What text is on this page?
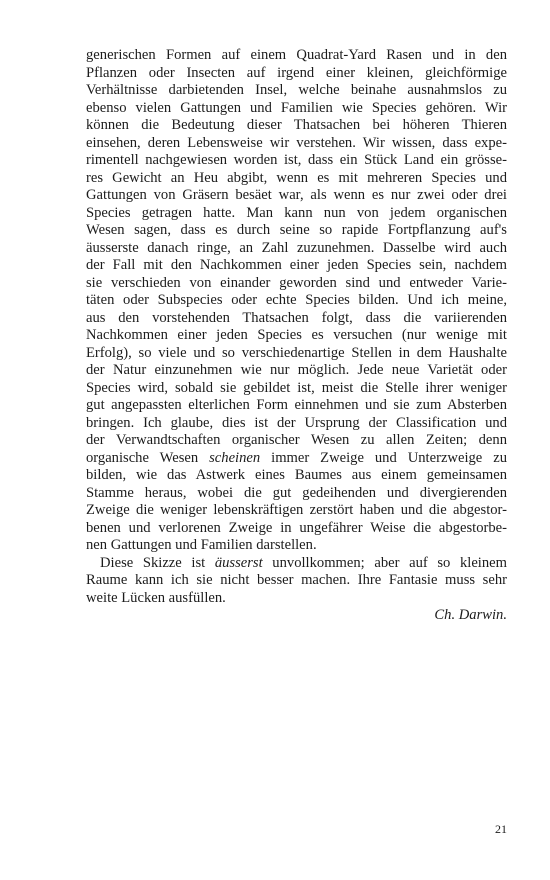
generischen Formen auf einem Quadrat-Yard Rasen und in den
Pflanzen oder Insecten auf irgend einer kleinen, gleichförmige
Verhältnisse darbietenden Insel, welche beinahe ausnahmslos zu
ebenso vielen Gattungen und Familien wie Species gehören. Wir
können die Bedeutung dieser Thatsachen bei höheren Thieren
einsehen, deren Lebensweise wir verstehen. Wir wissen, dass expe-
rimentell nachgewiesen worden ist, dass ein Stück Land ein grösse-
res Gewicht an Heu abgibt, wenn es mit mehreren Species und
Gattungen von Gräsern besäet war, als wenn es nur zwei oder drei
Species getragen hatte. Man kann nun von jedem organischen
Wesen sagen, dass es durch seine so rapide Fortpflanzung auf's
äusserste danach ringe, an Zahl zuzunehmen. Dasselbe wird auch
der Fall mit den Nachkommen einer jeden Species sein, nachdem
sie verschieden von einander geworden sind und entweder Varie-
täten oder Subspecies oder echte Species bilden. Und ich meine,
aus den vorstehenden Thatsachen folgt, dass die variierenden
Nachkommen einer jeden Species es versuchen (nur wenige mit
Erfolg), so viele und so verschiedenartige Stellen in dem Haushalte
der Natur einzunehmen wie nur möglich. Jede neue Varietät oder
Species wird, sobald sie gebildet ist, meist die Stelle ihrer weniger
gut angepassten elterlichen Form einnehmen und sie zum Absterben
bringen. Ich glaube, dies ist der Ursprung der Classification und
der Verwandtschaften organischer Wesen zu allen Zeiten; denn
organische Wesen scheinen immer Zweige und Unterzweige zu
bilden, wie das Astwerk eines Baumes aus einem gemeinsamen
Stamme heraus, wobei die gut gedeihenden und divergierenden
Zweige die weniger lebenskräftigen zerstört haben und die abgestor-
benen und verlorenen Zweige in ungefährer Weise die abgestorbe-
nen Gattungen und Familien darstellen.
Diese Skizze ist äusserst unvollkommen; aber auf so kleinem
Raume kann ich sie nicht besser machen. Ihre Fantasie muss sehr
weite Lücken ausfüllen.
Ch. Darwin.
21
